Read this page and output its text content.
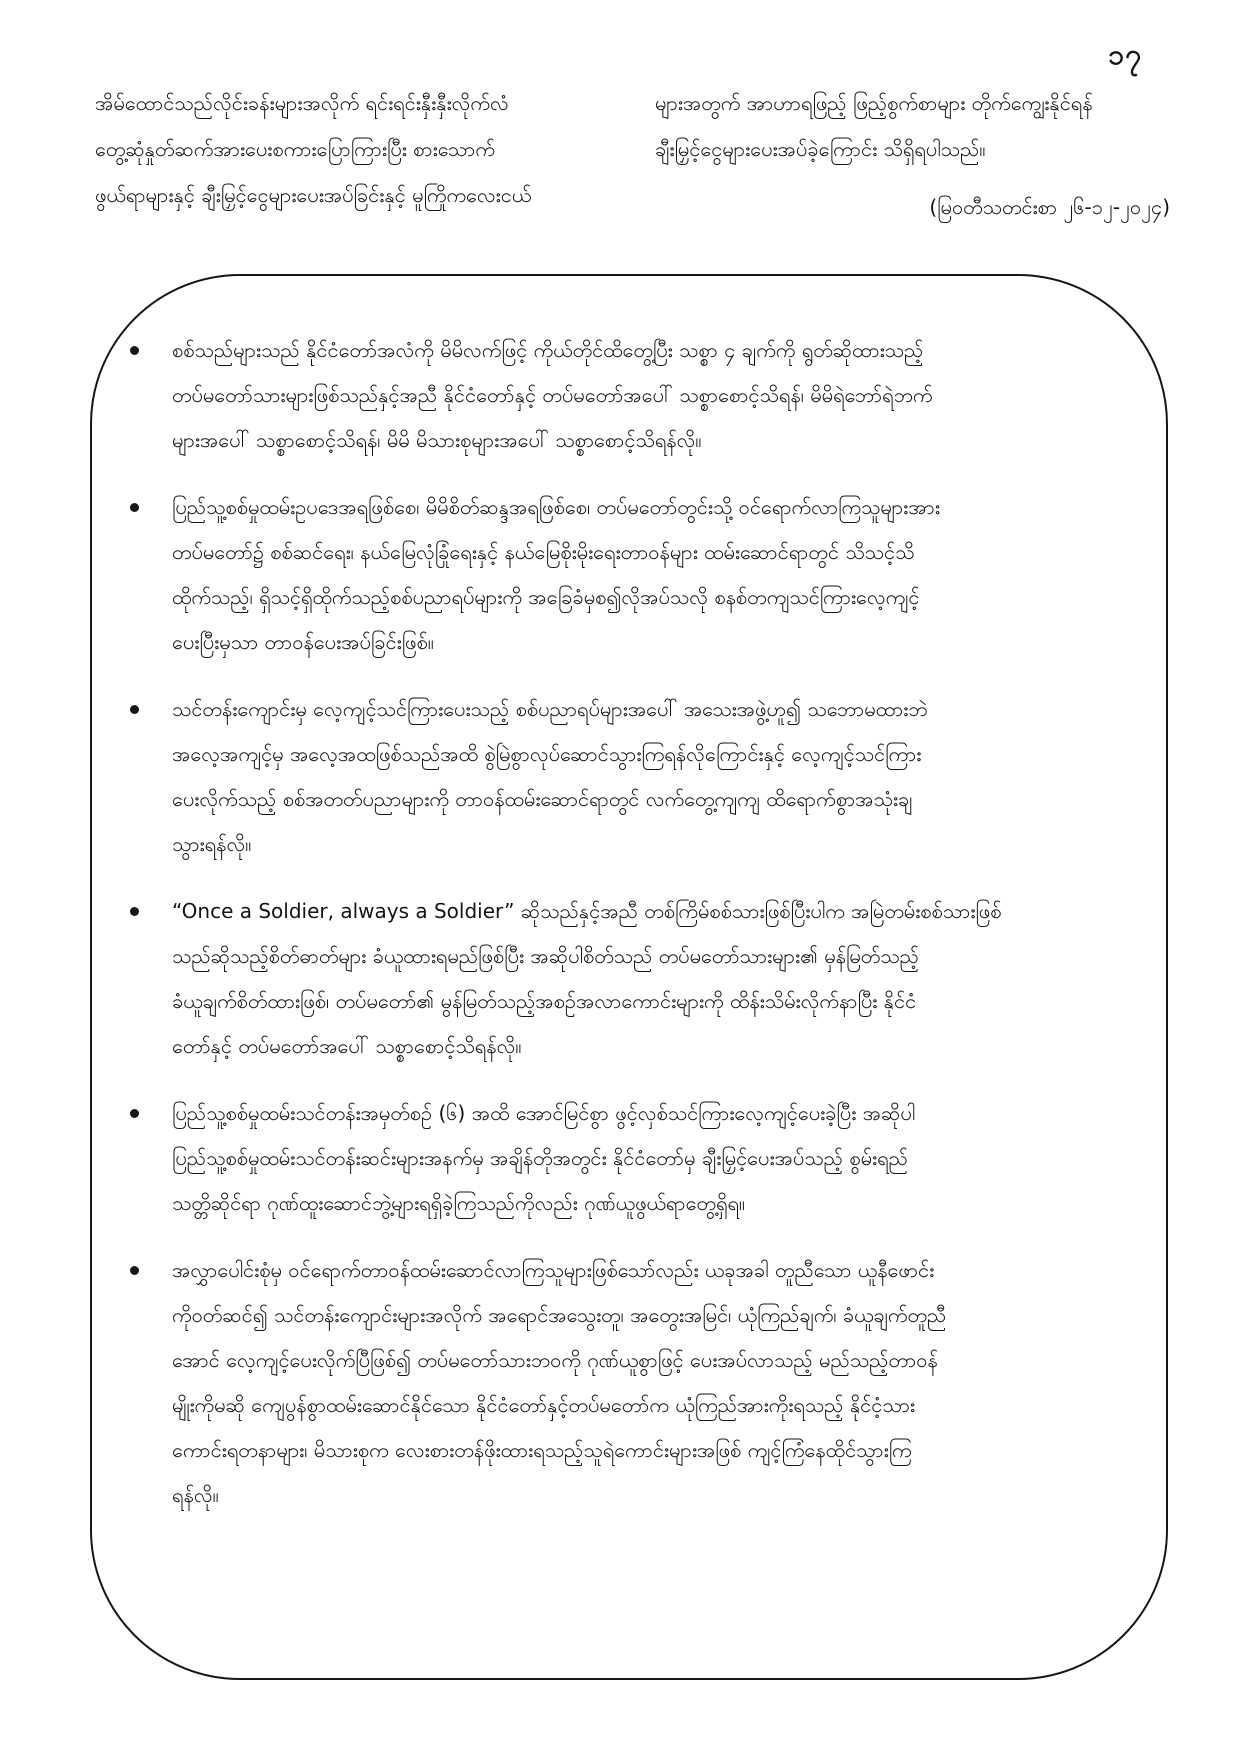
၁၇
အိမ်ထောင်သည်လိုင်းခန်းများအလိုက် ရင်းရင်းနှီးနှီးလိုက်လံ
တွေ့ဆုံနှုတ်ဆက်အားပေးစကားပြောကြားပြီး စားသောက်
ဖွယ်ရာများနှင့် ချီးမြှင့်ငွေများပေးအပ်ခြင်းနှင့် မူကြိုကလေးငယ်
များအတွက် အာဟာရဖြည့် ဖြည့်စွက်စာများ တိုက်ကျွေးနိုင်ရန်
ချီးမြှင့်ငွေများပေးအပ်ခဲ့ကြောင်း သိရှိရပါသည်။
(မြဝတီသတင်းစာ ၂၆-၁၂-၂၀၂၄)
စစ်သည်များသည် နိုင်ငံတော်အလံကို မိမိလက်ဖြင့် ကိုယ်တိုင်ထိတွေ့ပြီး သစ္စာ ၄ ချက်ကို ရွတ်ဆိုထားသည့်
တပ်မတော်သားများဖြစ်သည်နှင့်အညီ နိုင်ငံတော်နှင့် တပ်မတော်အပေါ် သစ္စာစောင့်သိရန်၊ မိမိရဲဘော်ရဲဘက်
များအပေါ် သစ္စာစောင့်သိရန်၊ မိမိ မိသားစုများအပေါ် သစ္စာစောင့်သိရန်လို။
ပြည်သူ့စစ်မှုထမ်းဥပဒေအရဖြစ်စေ၊ မိမိစိတ်ဆန္ဒအရဖြစ်စေ၊ တပ်မတော်တွင်းသို့ ဝင်ရောက်လာကြသူများအား
တပ်မတော်၌ စစ်ဆင်ရေး၊ နယ်မြေလုံခြုံရေးနှင့် နယ်မြေစိုးမိုးရေးတာဝန်များ ထမ်းဆောင်ရာတွင် သိသင့်သိ
ထိုက်သည့်၊ ရှိသင့်ရှိထိုက်သည့်စစ်ပညာရပ်များကို အခြေခံမှစ၍လိုအပ်သလို စနစ်တကျသင်ကြားလေ့ကျင့်
ပေးပြီးမှသာ တာဝန်ပေးအပ်ခြင်းဖြစ်။
သင်တန်းကျောင်းမှ လေ့ကျင့်သင်ကြားပေးသည့် စစ်ပညာရပ်များအပေါ် အသေးအဖွဲ့ဟူ၍ သဘောမထားဘဲ
အလေ့အကျင့်မှ အလေ့အထဖြစ်သည်အထိ စွဲမြဲစွာလုပ်ဆောင်သွားကြရန်လိုကြောင်းနှင့် လေ့ကျင့်သင်ကြား
ပေးလိုက်သည့် စစ်အတတ်ပညာများကို တာဝန်ထမ်းဆောင်ရာတွင် လက်တွေ့ကျကျ ထိရောက်စွာအသုံးချ
သွားရန်လို။
“Once a Soldier, always a Soldier” ဆိုသည်နှင့်အညီ တစ်ကြိမ်စစ်သားဖြစ်ပြီးပါက အမြဲတမ်းစစ်သားဖြစ်
သည်ဆိုသည့်စိတ်ဓာတ်များ ခံယူထားရမည်ဖြစ်ပြီး အဆိုပါစိတ်သည် တပ်မတော်သားများ၏ မှန်မြတ်သည့်
ခံယူချက်စိတ်ထားဖြစ်၊ တပ်မတော်၏ မွန်မြတ်သည့်အစဉ်အလာကောင်းများကို ထိန်းသိမ်းလိုက်နာပြီး နိုင်ငံ
တော်နှင့် တပ်မတော်အပေါ် သစ္စာစောင့်သိရန်လို။
ပြည်သူ့စစ်မှုထမ်းသင်တန်းအမှတ်စဉ် (၆) အထိ အောင်မြင်စွာ ဖွင့်လှစ်သင်ကြားလေ့ကျင့်ပေးခဲ့ပြီး အဆိုပါ
ပြည်သူ့စစ်မှုထမ်းသင်တန်းဆင်းများအနက်မှ အချိန်တိုအတွင်း နိုင်ငံတော်မှ ချီးမြှင့်ပေးအပ်သည့် စွမ်းရည်
သတ္တိဆိုင်ရာ ဂုဏ်ထူးဆောင်ဘွဲ့များရရှိခဲ့ကြသည်ကိုလည်း ဂုဏ်ယူဖွယ်ရာတွေ့ရှိရ။
အလွှာပေါင်းစုံမှ ဝင်ရောက်တာဝန်ထမ်းဆောင်လာကြသူများဖြစ်သော်လည်း ယခုအခါ တူညီသော ယူနီဖောင်း
ကိုဝတ်ဆင်၍ သင်တန်းကျောင်းများအလိုက် အရောင်အသွေးတူ၊ အတွေးအမြင်၊ ယုံကြည်ချက်၊ ခံယူချက်တူညီ
အောင် လေ့ကျင့်ပေးလိုက်ပြီဖြစ်၍ တပ်မတော်သားဘဝကို ဂုဏ်ယူစွာဖြင့် ပေးအပ်လာသည့် မည်သည့်တာဝန်
မျိုးကိုမဆို ကျေပွန်စွာထမ်းဆောင်နိုင်သော နိုင်ငံတော်နှင့်တပ်မတော်က ယုံကြည်အားကိုးရသည့် နိုင်ငံ့သား
ကောင်းရတနာများ၊ မိသားစုက လေးစားတန်ဖိုးထားရသည့်သူရဲကောင်းများအဖြစ် ကျင့်ကြံနေထိုင်သွားကြ
ရန်လို။
